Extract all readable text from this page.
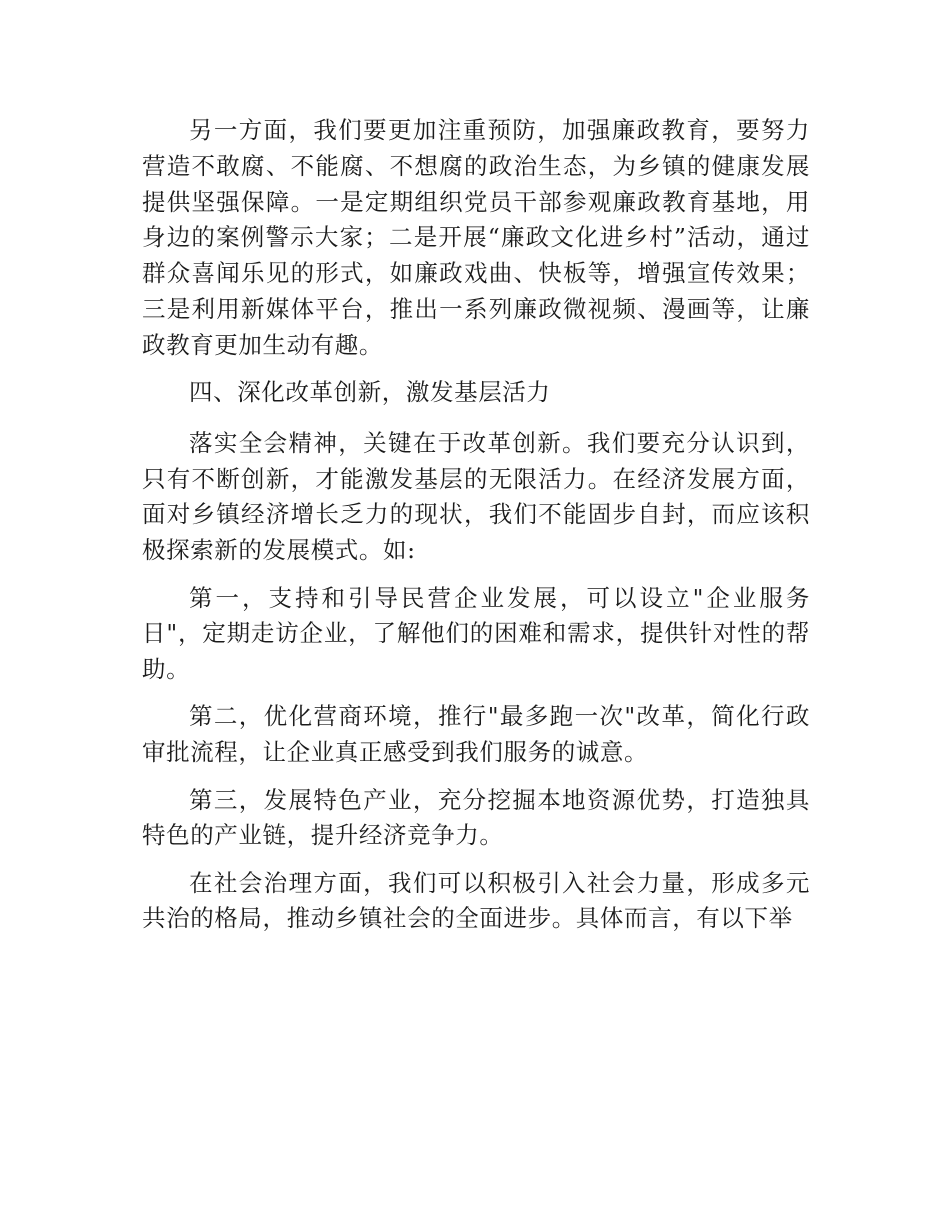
另一方面，我们要更加注重预防，加强廉政教育，要努力营造不敢腐、不能腐、不想腐的政治生态，为乡镇的健康发展提供坚强保障。一是定期组织党员干部参观廉政教育基地，用身边的案例警示大家；二是开展“廉政文化进乡村”活动，通过群众喜闻乐见的形式，如廉政戏曲、快板等，增强宣传效果；三是利用新媒体平台，推出一系列廉政微视频、漫画等，让廉政教育更加生动有趣。

四、深化改革创新，激发基层活力

落实全会精神，关键在于改革创新。我们要充分认识到，只有不断创新，才能激发基层的无限活力。在经济发展方面，面对乡镇经济增长乏力的现状，我们不能固步自封，而应该积极探索新的发展模式。如:

第一，支持和引导民营企业发展，可以设立"企业服务日"，定期走访企业，了解他们的困难和需求，提供针对性的帮助。

第二，优化营商环境，推行"最多跑一次"改革，简化行政审批流程，让企业真正感受到我们服务的诚意。

第三，发展特色产业，充分挖掘本地资源优势，打造独具特色的产业链，提升经济竞争力。

在社会治理方面，我们可以积极引入社会力量，形成多元共治的格局，推动乡镇社会的全面进步。具体而言，有以下举
